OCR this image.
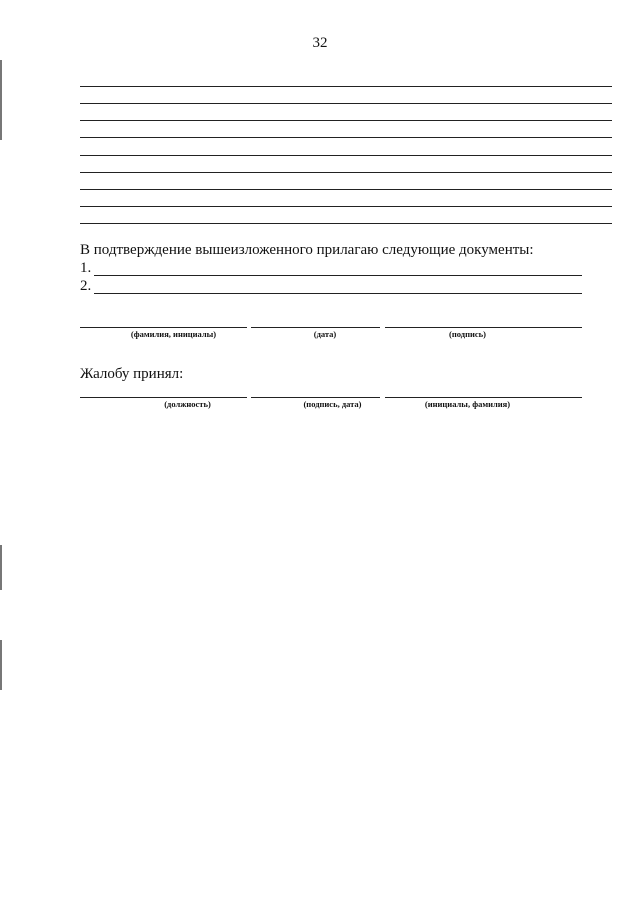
32
В подтверждение вышеизложенного прилагаю следующие документы:
1.
2.
(фамилия, инициалы)	(дата)	(подпись)
Жалобу принял:
(должность)	(подпись, дата)	(инициалы, фамилия)
